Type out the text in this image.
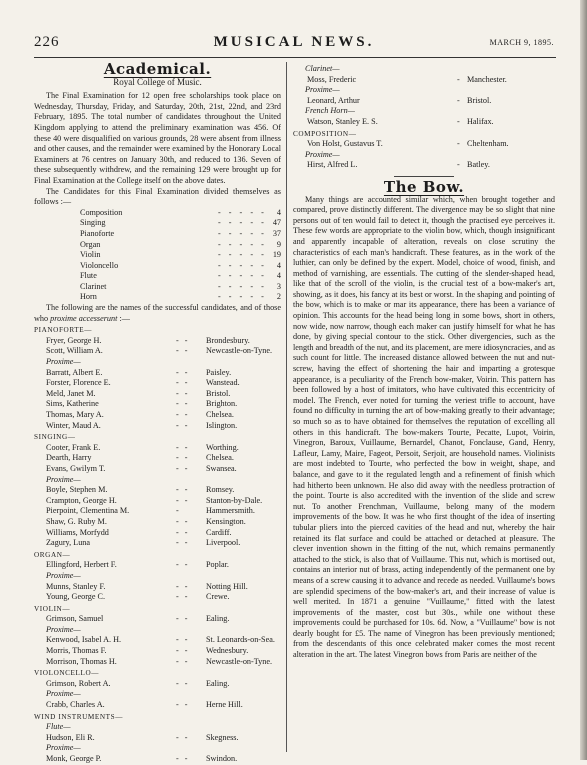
226	MUSICAL NEWS.	MARCH 9, 1895.
Academical.
Royal College of Music.

The Final Examination for 12 open free scholarships took place on Wednesday, Thursday, Friday, and Saturday, 20th, 21st, 22nd, and 23rd February, 1895. The total number of candidates throughout the United Kingdom applying to attend the preliminary examination was 456. Of these 40 were disqualified on various grounds, 28 were absent from illness and other causes, and the remainder were examined by the Honorary Local Examiners at 76 centres on January 30th, and reduced to 136. Seven of these subsequently withdrew, and the remaining 129 were brought up for Final Examination at the College itself on the above dates.

The Candidates for this Final Examination divided themselves as follows :—

Composition	- - - - -	4
Singing	- - - - - 47
Pianoforte	- - - - - 37
Organ	- - - - -	9
Violin	- - - - - 19
Violoncello	- - - - -	4
Flute	- - - - -	4
Clarinet	- - - - -	3
Horn	- - - - -	2

The following are the names of the successful candidates, and of those who proxime accesserunt :—

PIANOFORTE—
Fryer, George H.	- -	Brondesbury.
Scott, William A.	- -	Newcastle-on-Tyne.
Proxime—
Barratt, Albert E.	- -	Paisley.
Forster, Florence E.	- -	Wanstead.
Meld, Janet M.	- -	Bristol.
Sims, Katherine	- -	Brighton.
Thomas, Mary A.	- -	Chelsea.
Winter, Maud A.	- -	Islington.
SINGING—
Cooter, Frank E.	- -	Worthing.
Dearth, Harry	- -	Chelsea.
Evans, Gwilym T.	- -	Swansea.
Proxime—
Boyle, Stephen M.	- -	Romsey.
Crampton, George H.	- -	Stanton-by-Dale.
Pierpoint, Clementina M.	-	Hammersmith.
Shaw, G. Ruby M.	- -	Kensington.
Williams, Morfydd	- -	Cardiff.
Zagury, Luna	- -	Liverpool.
ORGAN—
Ellingford, Herbert F.	- -	Poplar.
Proxime—
Munns, Stanley F.	- -	Notting Hill.
Young, George C.	- -	Crewe.
VIOLIN—
Grimson, Samuel	- -	Ealing.
Proxime—
Kenwood, Isabel A. H.	- -	St. Leonards-on-Sea.
Morris, Thomas F.	- -	Wednesbury.
Morrison, Thomas H.	- -	Newcastle-on-Tyne.
VIOLONCELLO—
Grimson, Robert A.	- -	Ealing.
Proxime—
Crabb, Charles A.	- -	Herne Hill.
WIND INSTRUMENTS—
Flute—
Hudson, Eli R.	- -	Skegness.
Proxime—
Monk, George P.	- -	Swindon.
Clarinet—
Moss, Frederic	- Manchester.
Proxime—
Leonard, Arthur	- Bristol.
French Horn—
Watson, Stanley E. S.	- Halifax.
COMPOSITION—
Von Holst, Gustavus T.	- Cheltenham.
Proxime—
Hirst, Alfred L.	- Batley.
The Bow.

Many things are accounted similar which, when brought together and compared, prove distinctly different. The divergence may be so slight that nine persons out of ten would fail to detect it, though the practised eye perceives it. These few words are appropriate to the violin bow, which, though insignificant and apparently incapable of alteration, reveals on close scrutiny the characteristics of each man's handicraft. These features, as in the work of the luthier, can only be defined by the expert. Model, choice of wood, finish, and method of varnishing, are essentials. The cutting of the slender-shaped head, like that of the scroll of the violin, is the crucial test of a bow-maker's art, showing, as it does, his fancy at its best or worst. In the shaping and pointing of the bow, which is to make or mar its appearance, there has been a variance of opinion. This accounts for the head being long in some bows, short in others, now wide, now narrow, though each maker can justify himself for what he has done, by giving special contour to the stick. Other divergencies, such as the length and breadth of the nut, and its placement, are mere idiosyncracies, and as such count for little. The increased distance allowed between the nut and nut-screw, having the effect of shortening the hair and imparting a grotesque appearance, is a peculiarity of the French bow-maker, Voirin. This pattern has been followed by a host of imitators, who have cultivated this eccentricity of model. The French, ever noted for turning the veriest trifle to account, have found no difficulty in turning the art of bow-making greatly to their advantage; so much so as to have obtained for themselves the reputation of excelling all others in this handicraft. The bow-makers Tourte, Pecatte, Lupot, Voirin, Vinegron, Baroux, Vuillaume, Bernardel, Chanot, Fonclause, Gand, Henry, Lafleur, Lamy, Maire, Fageot, Persoit, Serjoit, are household names. Violinists are most indebted to Tourte, who perfected the bow in weight, shape, and balance, and gave to it the regulated length and a refinement of finish which had hitherto been unknown. He also did away with the needless protraction of the point. Tourte is also accredited with the invention of the slide and screw nut. To another Frenchman, Vuillaume, belong many of the modern improvements of the bow. It was he who first thought of the idea of inserting tubular pliers into the pierced cavities of the head and nut, whereby the hair retained its flat surface and could be attached or detached at pleasure. The clever invention shown in the fitting of the nut, which remains permanently attached to the stick, is also that of Vuillaume. This nut, which is mortised out, contains an interior nut of brass, acting independently of the permanent one by means of a screw causing it to advance and recede as needed. Vuillaume's bows are splendid specimens of the bow-maker's art, and their increase of value is well merited. In 1871 a genuine "Vuillaume," fitted with the latest improvements of the master, cost but 30s., while one without these improvements could be purchased for 10s. 6d. Now, a "Vuillaume" bow is not dearly bought for £5. The name of Vinegron has been previously mentioned; from the descendants of this once celebrated maker comes the most recent alteration in the art. The latest Vinegron bows from Paris are neither of the
